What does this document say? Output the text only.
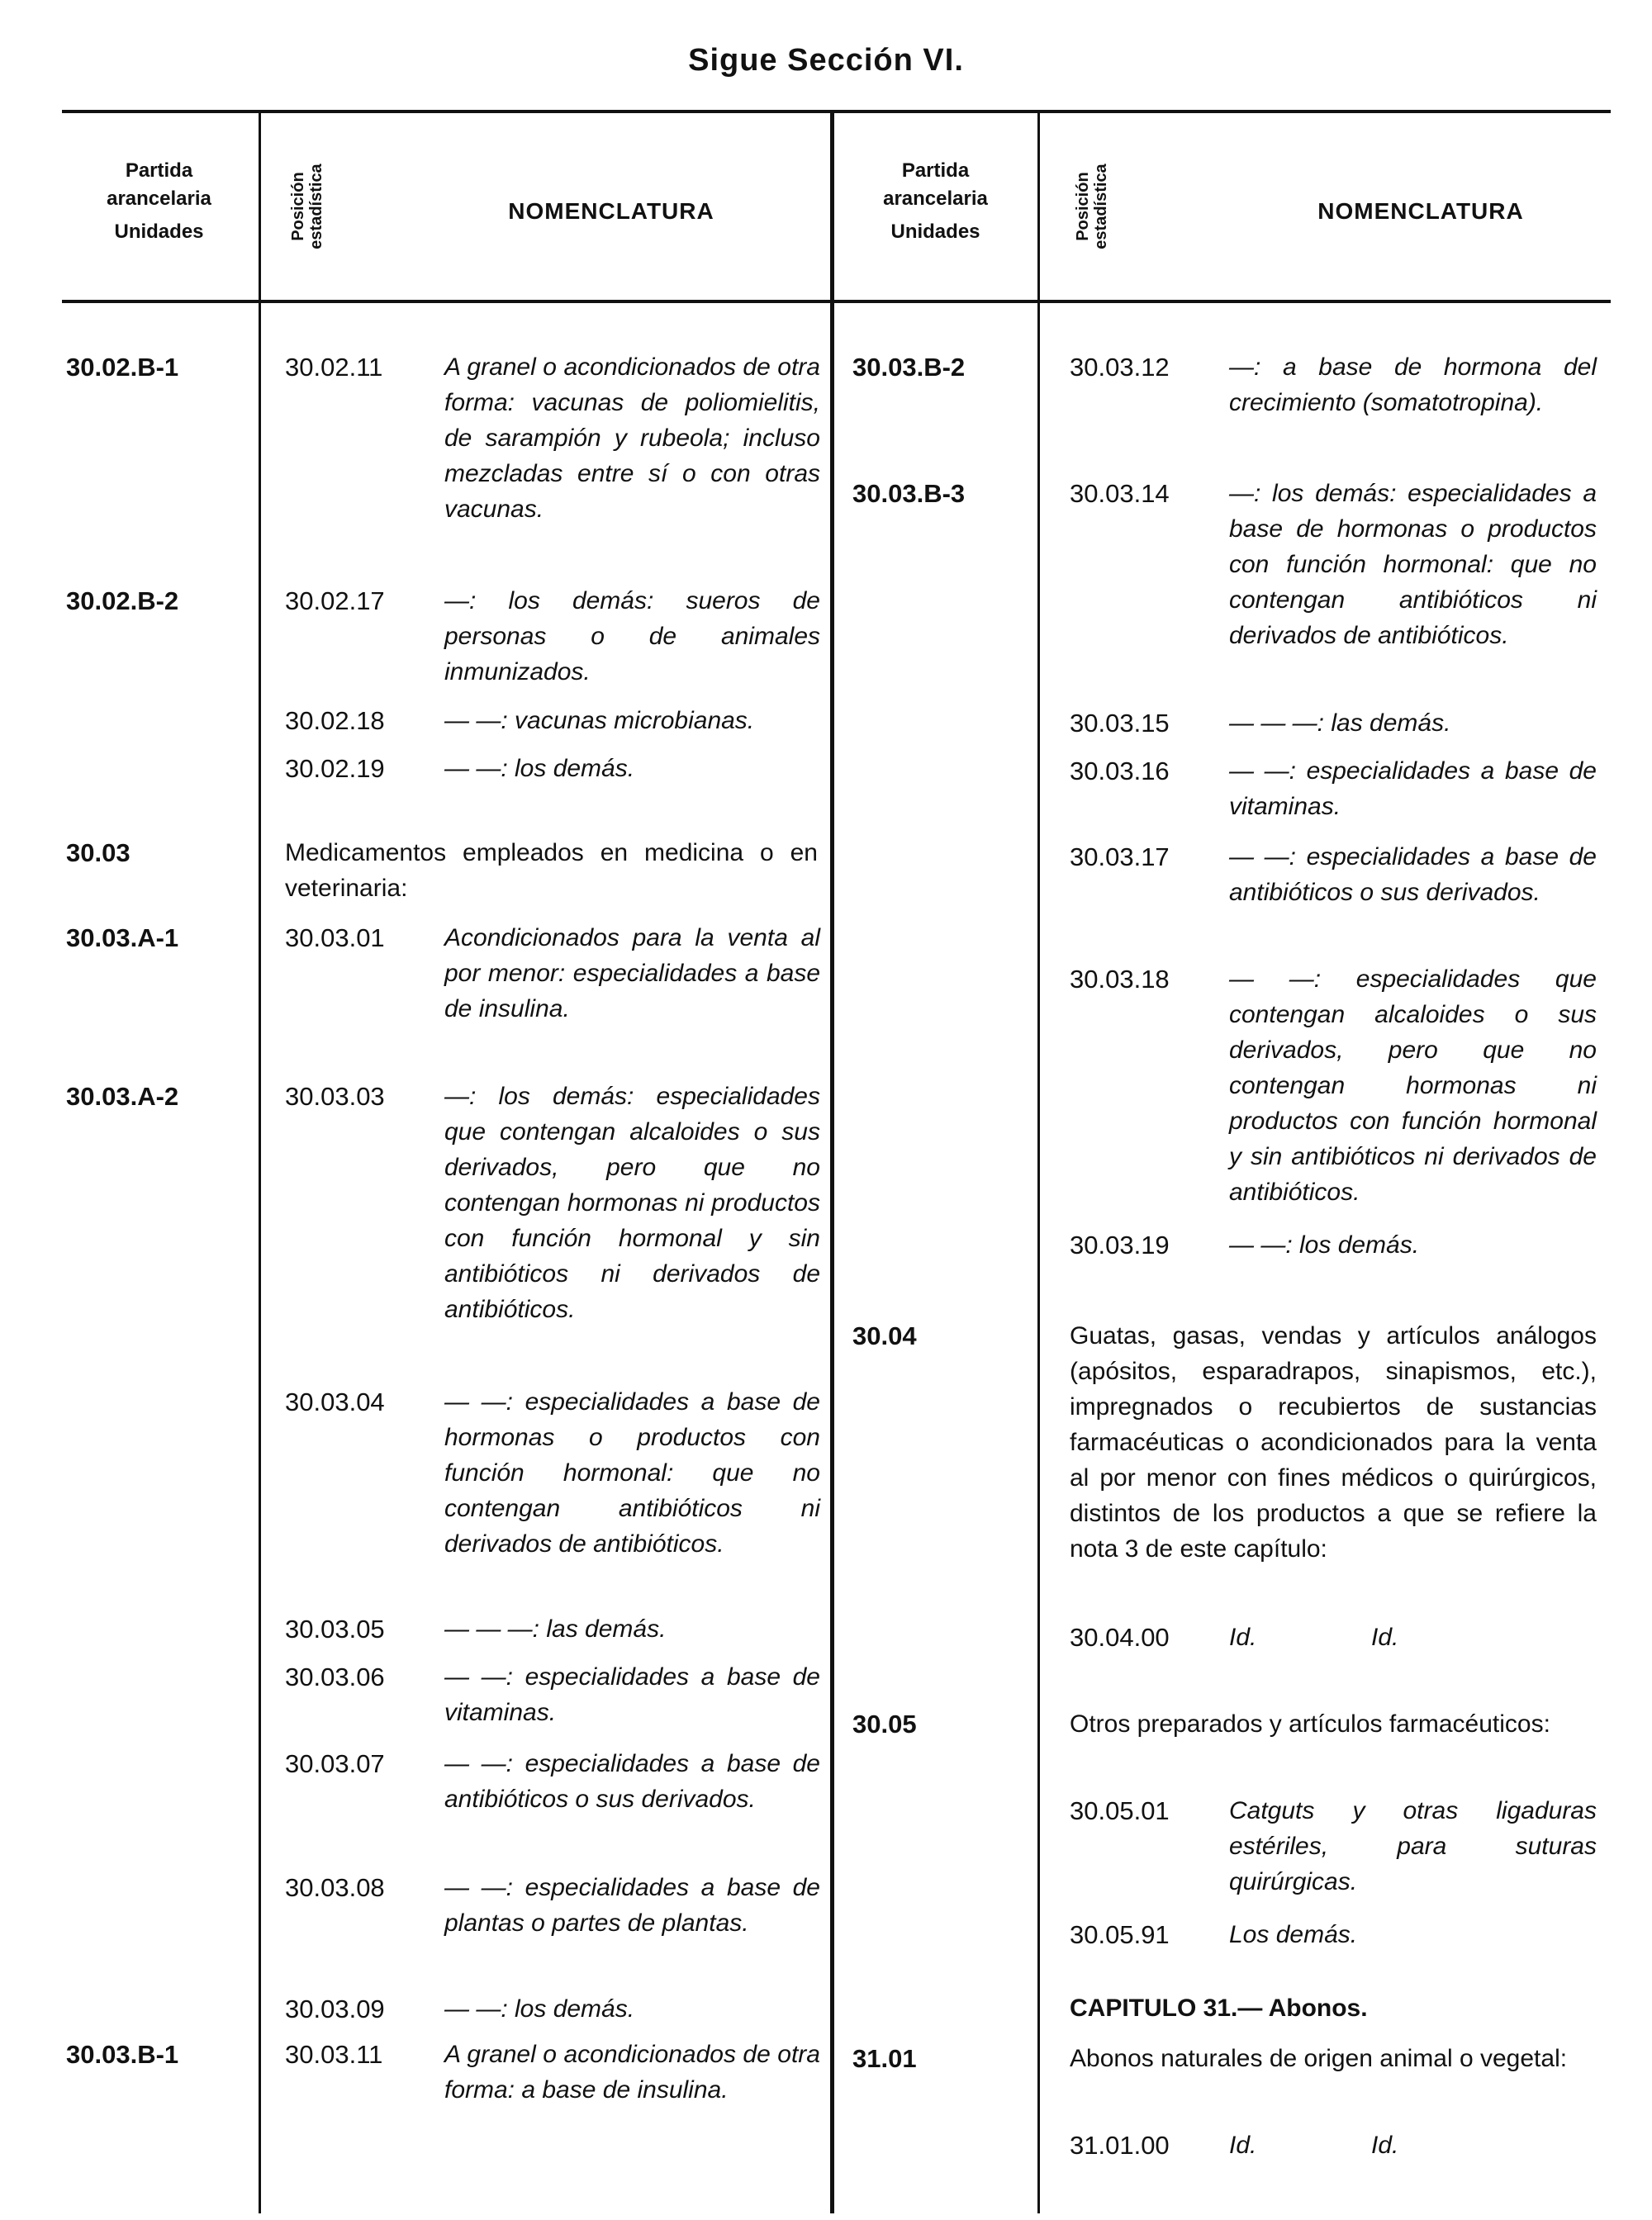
Sigue Sección VI.
Partida
arancelaria
Unidades	Posición estadística	NOMENCLATURA
Partida
arancelaria
Unidades	Posición estadística	NOMENCLATURA
30.02.B-1	30.02.11 A granel o acondicionados de otra forma: vacunas de poliomielitis, de sarampión y rubeola; incluso mezcladas entre sí o con otras vacunas.
30.02.B-2	30.02.17 —: los demás: sueros de personas o de animales inmunizados.
30.02.18 — —: vacunas microbianas.
30.02.19 — —: los demás.
30.03	Medicamentos empleados en medicina o en veterinaria:
30.03.A-1	30.03.01 Acondicionados para la venta al por menor: especialidades a base de insulina.
30.03.A-2	30.03.03 —: los demás: especialidades que contengan alcaloides o sus derivados, pero que no contengan hormonas ni productos con función hormonal y sin antibióticos ni derivados de antibióticos.
30.03.04 — —: especialidades a base de hormonas o productos con función hormonal: que no contengan antibióticos ni derivados de antibióticos.
30.03.05 — — —: las demás.
30.03.06 — —: especialidades a base de vitaminas.
30.03.07 — —: especialidades a base de antibióticos o sus derivados.
30.03.08 — —: especialidades a base de plantas o partes de plantas.
30.03.09 — —: los demás.
30.03.B-1	30.03.11 A granel o acondicionados de otra forma: a base de insulina.
30.03.B-2	30.03.12 —: a base de hormona del crecimiento (somatotropina).
30.03.B-3	30.03.14 —: los demás: especialidades a base de hormonas o productos con función hormonal: que no contengan antibióticos ni derivados de antibióticos.
30.03.15 — — —: las demás.
30.03.16 — —: especialidades a base de vitaminas.
30.03.17 — —: especialidades a base de antibióticos o sus derivados.
30.03.18 — —: especialidades que contengan alcaloides o sus derivados, pero que no contengan hormonas ni productos con función hormonal y sin antibióticos ni derivados de antibióticos.
30.03.19 — —: los demás.
30.04	Guatas, gasas, vendas y artículos análogos (apósitos, esparadrapos, sinapismos, etc.), impregnados o recubiertos de sustancias farmacéuticas o acondicionados para la venta al por menor con fines médicos o quirúrgicos, distintos de los productos a que se refiere la nota 3 de este capítulo:
30.04.00 Id.	Id.
30.05	Otros preparados y artículos farmacéuticos:
30.05.01 Catguts y otras ligaduras estériles, para suturas quirúrgicas.
30.05.91 Los demás.
CAPITULO 31.— Abonos.
31.01	Abonos naturales de origen animal o vegetal:
31.01.00 Id.	Id.
